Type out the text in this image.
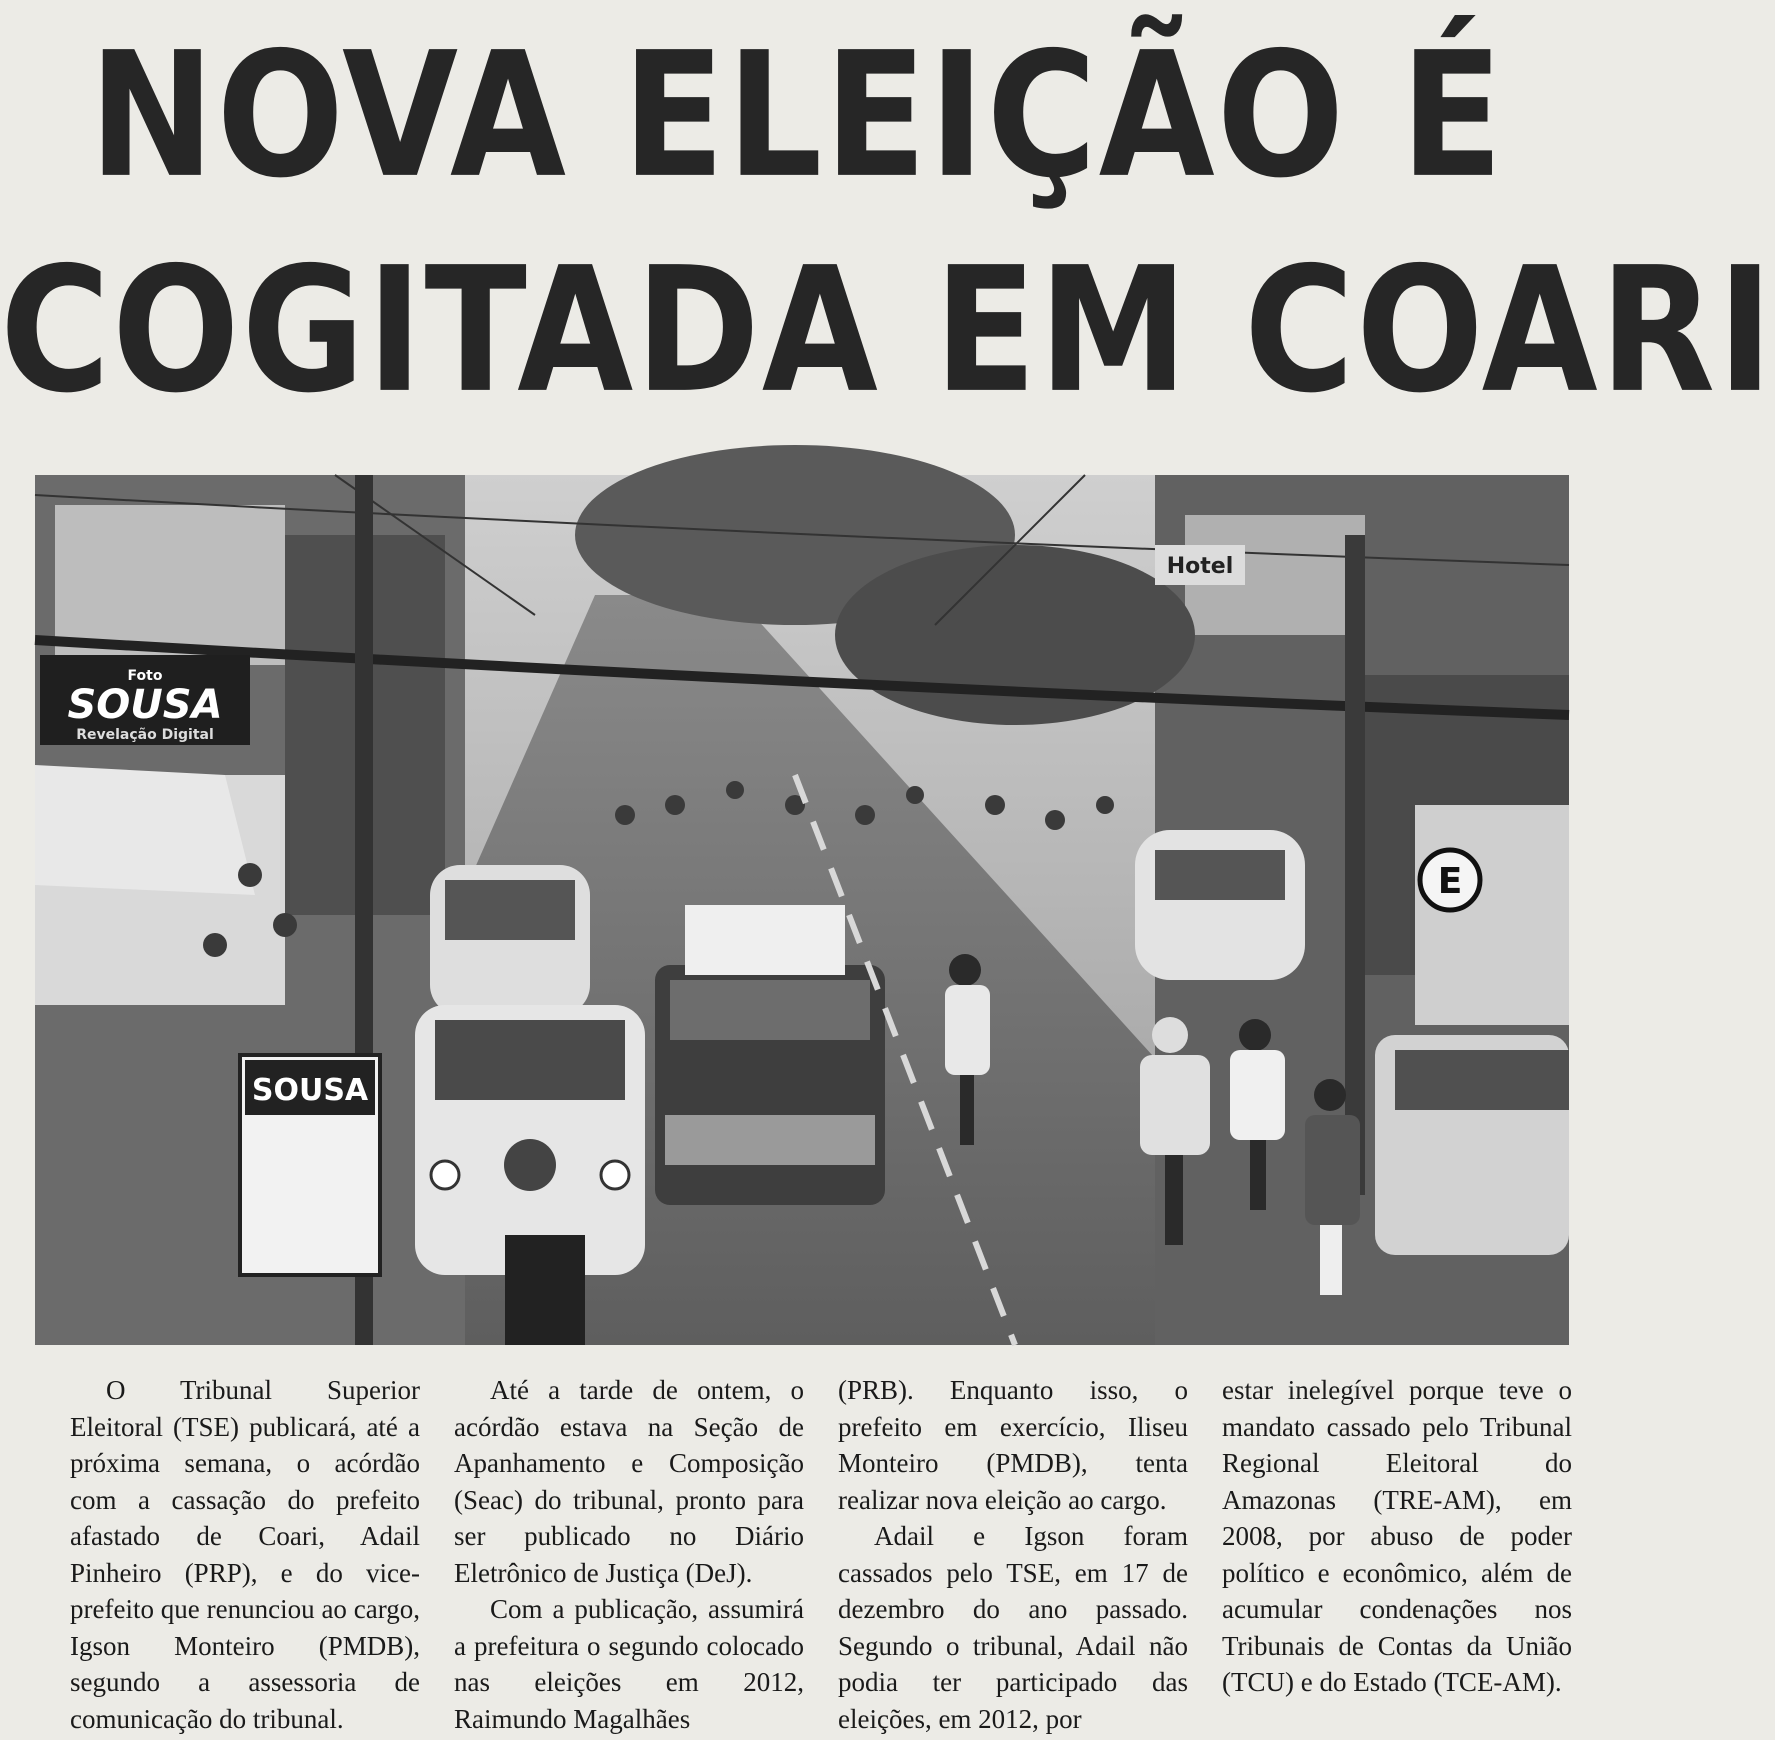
NOVA ELEIÇÃO É
COGITADA EM COARI
Foto
SOUSA
Revelação Digital
SOUSA
Hotel
E

O Tribunal Superior Eleitoral (TSE) publicará, até a próxima semana, o acórdão com a cassação do prefeito afastado de Coari, Adail Pinheiro (PRP), e do vice-prefeito que renunciou ao cargo, Igson Monteiro (PMDB), segundo a assessoria de comunicação do tribunal.

Até a tarde de ontem, o acórdão estava na Seção de Apanhamento e Composição (Seac) do tribunal, pronto para ser publicado no Diário Eletrônico de Justiça (DeJ).

Com a publicação, assumirá a prefeitura o segundo colocado nas eleições em 2012, Raimundo Magalhães

(PRB). Enquanto isso, o prefeito em exercício, Iliseu Monteiro (PMDB), tenta realizar nova eleição ao cargo.

Adail e Igson foram cassados pelo TSE, em 17 de dezembro do ano passado. Segundo o tribunal, Adail não podia ter participado das eleições, em 2012, por

estar inelegível porque teve o mandato cassado pelo Tribunal Regional Eleitoral do Amazonas (TRE-AM), em 2008, por abuso de poder político e econômico, além de acumular condenações nos Tribunais de Contas da União (TCU) e do Estado (TCE-AM).
